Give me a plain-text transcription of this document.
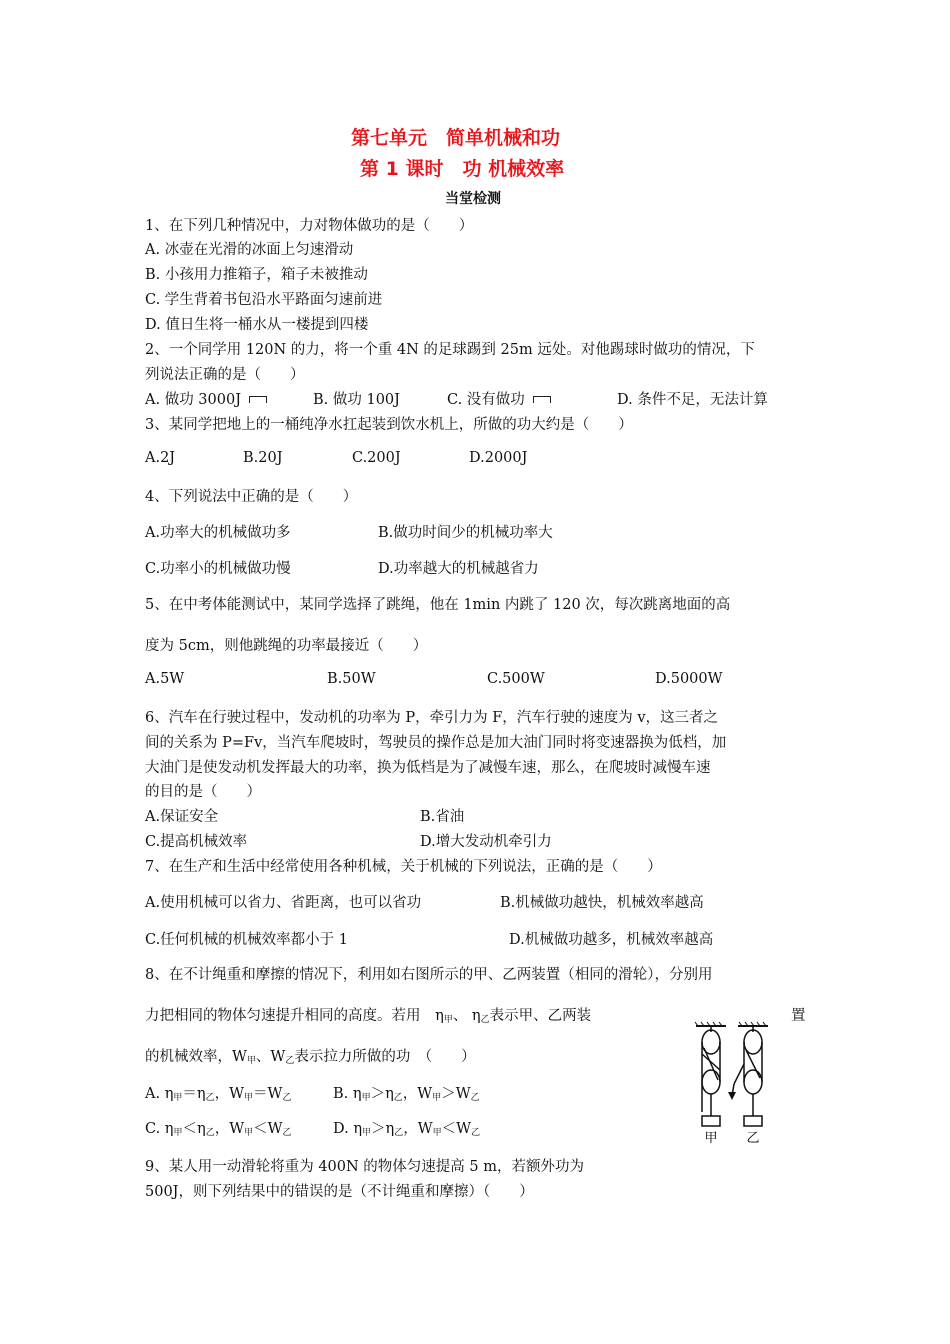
第七单元　简单机械和功
第 1 课时　功 机械效率
当堂检测
1、在下列几种情况中，力对物体做功的是（　　）
A. 冰壶在光滑的冰面上匀速滑动
B. 小孩用力推箱子，箱子未被推动
C. 学生背着书包沿水平路面匀速前进
D. 值日生将一桶水从一楼提到四楼
2、一个同学用 120N 的力，将一个重 4N 的足球踢到 25m 远处。对他踢球时做功的情况，下
列说法正确的是（　　）
A. 做功 3000J	B. 做功 100J	C. 没有做功	D. 条件不足，无法计算
3、某同学把地上的一桶纯净水扛起装到饮水机上，所做的功大约是（　　）
A.2J	B.20J	C.200J	D.2000J
4、下列说法中正确的是（　　）
A.功率大的机械做功多	B.做功时间少的机械功率大
C.功率小的机械做功慢	D.功率越大的机械越省力
5、在中考体能测试中，某同学选择了跳绳，他在 1min 内跳了 120 次，每次跳离地面的高
度为 5cm，则他跳绳的功率最接近（　　）
A.5W	B.50W	C.500W	D.5000W
6、汽车在行驶过程中，发动机的功率为 P，牵引力为 F，汽车行驶的速度为 v，这三者之
间的关系为 P=Fv，当汽车爬坡时，驾驶员的操作总是加大油门同时将变速器换为低档，加
大油门是使发动机发挥最大的功率，换为低档是为了减慢车速，那么，在爬坡时减慢车速
的目的是（　　）
A.保证安全	B.省油
C.提高机械效率	D.增大发动机牵引力
7、在生产和生活中经常使用各种机械，关于机械的下列说法，正确的是（　　）
A.使用机械可以省力、省距离，也可以省功	B.机械做功越快，机械效率越高
C.任何机械的机械效率都小于 1	D.机械做功越多，机械效率越高
8、在不计绳重和摩擦的情况下，利用如右图所示的甲、乙两装置（相同的滑轮），分别用
力把相同的物体匀速提升相同的高度。若用 η甲、 η乙表示甲、乙两装	置
的机械效率，W甲、W乙表示拉力所做的功　（　　）
A. η甲＝η乙，W甲＝W乙	B. η甲＞η乙，W甲＞W乙
C. η甲＜η乙，W甲＜W乙	D. η甲＞η乙，W甲＜W乙	甲 乙
9、某人用一动滑轮将重为 400N 的物体匀速提高 5 m，若额外功为
500J，则下列结果中的错误的是（不计绳重和摩擦）（　　）
